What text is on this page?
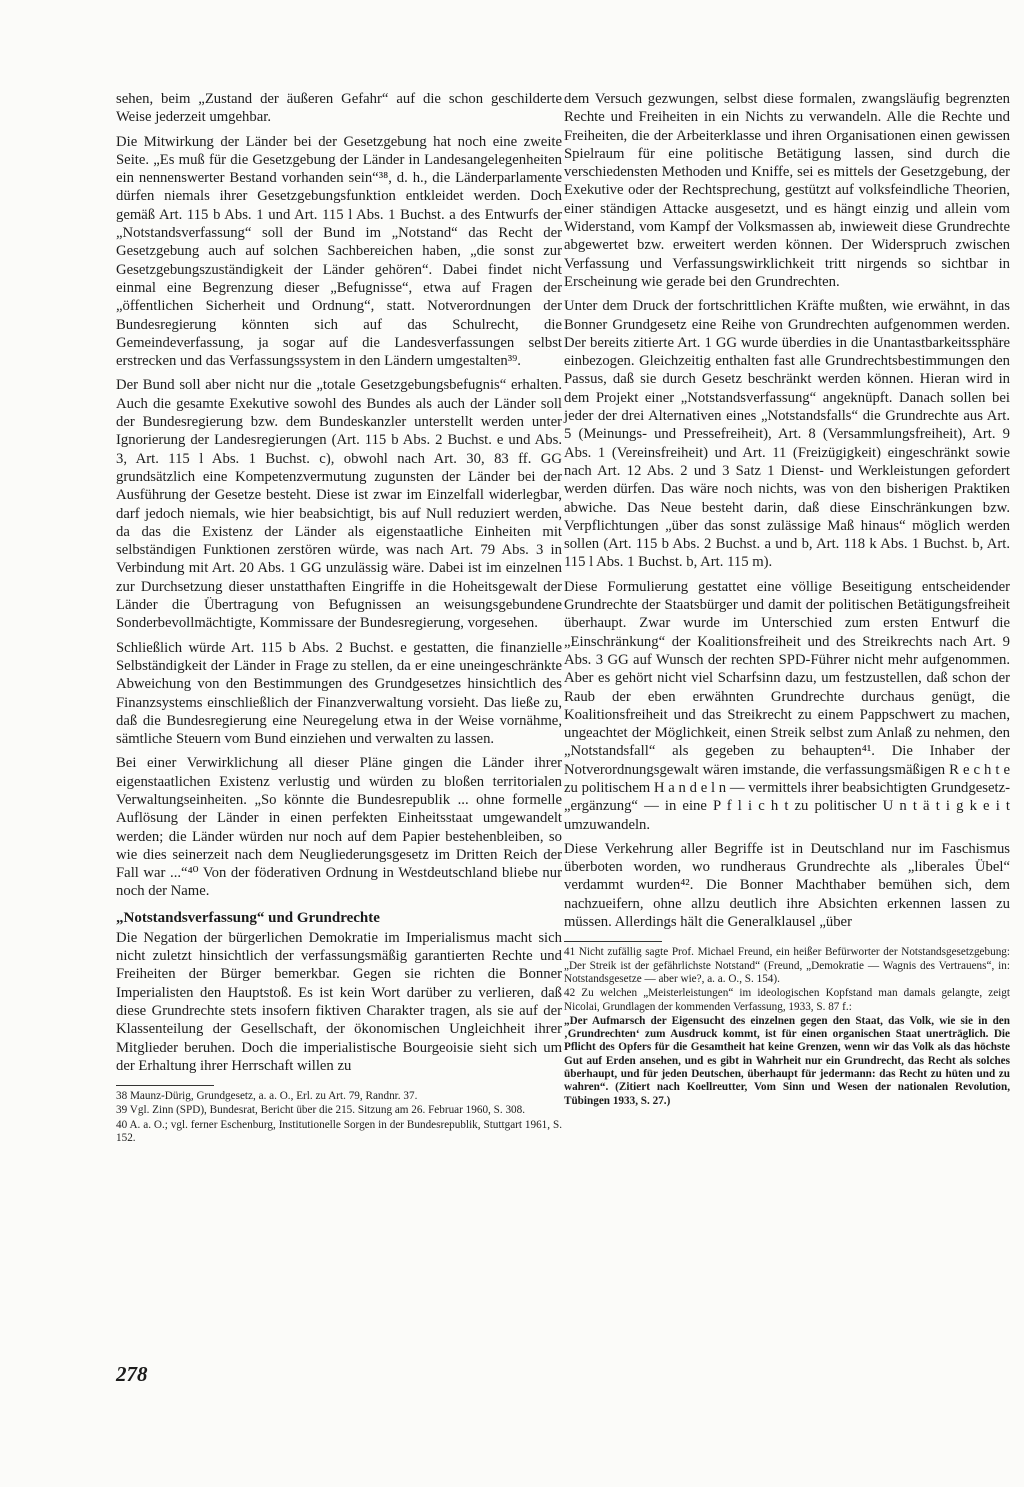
sehen, beim „Zustand der äußeren Gefahr“ auf die schon geschilderte Weise jederzeit umgehbar.

Die Mitwirkung der Länder bei der Gesetzgebung hat noch eine zweite Seite. „Es muß für die Gesetzgebung der Länder in Landesangelegenheiten ein nennenswerter Bestand vorhanden sein“³⁸, d. h., die Länderparlamente dürfen niemals ihrer Gesetzgebungsfunktion entkleidet werden. Doch gemäß Art. 115 b Abs. 1 und Art. 115 l Abs. 1 Buchst. a des Entwurfs der „Notstandsverfassung“ soll der Bund im „Notstand“ das Recht der Gesetzgebung auch auf solchen Sachbereichen haben, „die sonst zur Gesetzgebungszuständigkeit der Länder gehören“. Dabei findet nicht einmal eine Begrenzung dieser „Befugnisse“, etwa auf Fragen der „öffentlichen Sicherheit und Ordnung“, statt. Notverordnungen der Bundesregierung könnten sich auf das Schulrecht, die Gemeindeverfassung, ja sogar auf die Landesverfassungen selbst erstrecken und das Verfassungssystem in den Ländern umgestalten³⁹.

Der Bund soll aber nicht nur die „totale Gesetzgebungsbefugnis“ erhalten. Auch die gesamte Exekutive sowohl des Bundes als auch der Länder soll der Bundesregierung bzw. dem Bundeskanzler unterstellt werden unter Ignorierung der Landesregierungen (Art. 115 b Abs. 2 Buchst. e und Abs. 3, Art. 115 l Abs. 1 Buchst. c), obwohl nach Art. 30, 83 ff. GG grundsätzlich eine Kompetenzvermutung zugunsten der Länder bei der Ausführung der Gesetze besteht. Diese ist zwar im Einzelfall widerlegbar, darf jedoch niemals, wie hier beabsichtigt, bis auf Null reduziert werden, da das die Existenz der Länder als eigenstaatliche Einheiten mit selbständigen Funktionen zerstören würde, was nach Art. 79 Abs. 3 in Verbindung mit Art. 20 Abs. 1 GG unzulässig wäre. Dabei ist im einzelnen zur Durchsetzung dieser unstatthaften Eingriffe in die Hoheitsgewalt der Länder die Übertragung von Befugnissen an weisungsgebundene Sonderbevollmächtigte, Kommissare der Bundesregierung, vorgesehen.

Schließlich würde Art. 115 b Abs. 2 Buchst. e gestatten, die finanzielle Selbständigkeit der Länder in Frage zu stellen, da er eine uneingeschränkte Abweichung von den Bestimmungen des Grundgesetzes hinsichtlich des Finanzsystems einschließlich der Finanzverwaltung vorsieht. Das ließe zu, daß die Bundesregierung eine Neuregelung etwa in der Weise vornähme, sämtliche Steuern vom Bund einziehen und verwalten zu lassen.

Bei einer Verwirklichung all dieser Pläne gingen die Länder ihrer eigenstaatlichen Existenz verlustig und würden zu bloßen territorialen Verwaltungseinheiten. „So könnte die Bundesrepublik ... ohne formelle Auflösung der Länder in einen perfekten Einheitsstaat umgewandelt werden; die Länder würden nur noch auf dem Papier bestehenbleiben, so wie dies seinerzeit nach dem Neugliederungsgesetz im Dritten Reich der Fall war ...“⁴⁰ Von der föderativen Ordnung in Westdeutschland bliebe nur noch der Name.

„Notstandsverfassung“ und Grundrechte

Die Negation der bürgerlichen Demokratie im Imperialismus macht sich nicht zuletzt hinsichtlich der verfassungsmäßig garantierten Rechte und Freiheiten der Bürger bemerkbar. Gegen sie richten die Bonner Imperialisten den Hauptstoß. Es ist kein Wort darüber zu verlieren, daß diese Grundrechte stets insofern fiktiven Charakter tragen, als sie auf der Klassenteilung der Gesellschaft, der ökonomischen Ungleichheit ihrer Mitglieder beruhen. Doch die imperialistische Bourgeoisie sieht sich um der Erhaltung ihrer Herrschaft willen zu

38 Maunz-Dürig, Grundgesetz, a. a. O., Erl. zu Art. 79, Randnr. 37.

39 Vgl. Zinn (SPD), Bundesrat, Bericht über die 215. Sitzung am 26. Februar 1960, S. 308.

40 A. a. O.; vgl. ferner Eschenburg, Institutionelle Sorgen in der Bundesrepublik, Stuttgart 1961, S. 152.

dem Versuch gezwungen, selbst diese formalen, zwangsläufig begrenzten Rechte und Freiheiten in ein Nichts zu verwandeln. Alle die Rechte und Freiheiten, die der Arbeiterklasse und ihren Organisationen einen gewissen Spielraum für eine politische Betätigung lassen, sind durch die verschiedensten Methoden und Kniffe, sei es mittels der Gesetzgebung, der Exekutive oder der Rechtsprechung, gestützt auf volksfeindliche Theorien, einer ständigen Attacke ausgesetzt, und es hängt einzig und allein vom Widerstand, vom Kampf der Volksmassen ab, inwieweit diese Grundrechte abgewertet bzw. erweitert werden können. Der Widerspruch zwischen Verfassung und Verfassungswirklichkeit tritt nirgends so sichtbar in Erscheinung wie gerade bei den Grundrechten.

Unter dem Druck der fortschrittlichen Kräfte mußten, wie erwähnt, in das Bonner Grundgesetz eine Reihe von Grundrechten aufgenommen werden. Der bereits zitierte Art. 1 GG wurde überdies in die Unantastbarkeitssphäre einbezogen. Gleichzeitig enthalten fast alle Grundrechtsbestimmungen den Passus, daß sie durch Gesetz beschränkt werden können. Hieran wird in dem Projekt einer „Notstandsverfassung“ angeknüpft. Danach sollen bei jeder der drei Alternativen eines „Notstandsfalls“ die Grundrechte aus Art. 5 (Meinungs- und Pressefreiheit), Art. 8 (Versammlungsfreiheit), Art. 9 Abs. 1 (Vereinsfreiheit) und Art. 11 (Freizügigkeit) eingeschränkt sowie nach Art. 12 Abs. 2 und 3 Satz 1 Dienst- und Werkleistungen gefordert werden dürfen. Das wäre noch nichts, was von den bisherigen Praktiken abwiche. Das Neue besteht darin, daß diese Einschränkungen bzw. Verpflichtungen „über das sonst zulässige Maß hinaus“ möglich werden sollen (Art. 115 b Abs. 2 Buchst. a und b, Art. 118 k Abs. 1 Buchst. b, Art. 115 l Abs. 1 Buchst. b, Art. 115 m).

Diese Formulierung gestattet eine völlige Beseitigung entscheidender Grundrechte der Staatsbürger und damit der politischen Betätigungsfreiheit überhaupt. Zwar wurde im Unterschied zum ersten Entwurf die „Einschränkung“ der Koalitionsfreiheit und des Streikrechts nach Art. 9 Abs. 3 GG auf Wunsch der rechten SPD-Führer nicht mehr aufgenommen. Aber es gehört nicht viel Scharfsinn dazu, um festzustellen, daß schon der Raub der eben erwähnten Grundrechte durchaus genügt, die Koalitionsfreiheit und das Streikrecht zu einem Pappschwert zu machen, ungeachtet der Möglichkeit, einen Streik selbst zum Anlaß zu nehmen, den „Notstandsfall“ als gegeben zu behaupten⁴¹. Die Inhaber der Notverordnungsgewalt wären imstande, die verfassungsmäßigen R e c h t e zu politischem H a n d e l n — vermittels ihrer beabsichtigten Grundgesetz-„ergänzung“ — in eine P f l i c h t zu politischer U n t ä t i g k e i t umzuwandeln.

Diese Verkehrung aller Begriffe ist in Deutschland nur im Faschismus überboten worden, wo rundheraus Grundrechte als „liberales Übel“ verdammt wurden⁴². Die Bonner Machthaber bemühen sich, dem nachzueifern, ohne allzu deutlich ihre Absichten erkennen lassen zu müssen. Allerdings hält die Generalklausel „über

41 Nicht zufällig sagte Prof. Michael Freund, ein heißer Befürworter der Notstandsgesetzgebung: „Der Streik ist der gefährlichste Notstand“ (Freund, „Demokratie — Wagnis des Vertrauens“, in: Notstandsgesetze — aber wie?, a. a. O., S. 154).

42 Zu welchen „Meisterleistungen“ im ideologischen Kopfstand man damals gelangte, zeigt Nicolai, Grundlagen der kommenden Verfassung, 1933, S. 87 f.:

„Der Aufmarsch der Eigensucht des einzelnen gegen den Staat, das Volk, wie sie in den ‚Grundrechten‘ zum Ausdruck kommt, ist für einen organischen Staat unerträglich. Die Pflicht des Opfers für die Gesamtheit hat keine Grenzen, wenn wir das Volk als das höchste Gut auf Erden ansehen, und es gibt in Wahrheit nur ein Grundrecht, das Recht als solches überhaupt, und für jeden Deutschen, überhaupt für jedermann: das Recht zu hüten und zu wahren“. (Zitiert nach Koellreutter, Vom Sinn und Wesen der nationalen Revolution, Tübingen 1933, S. 27.)

278
